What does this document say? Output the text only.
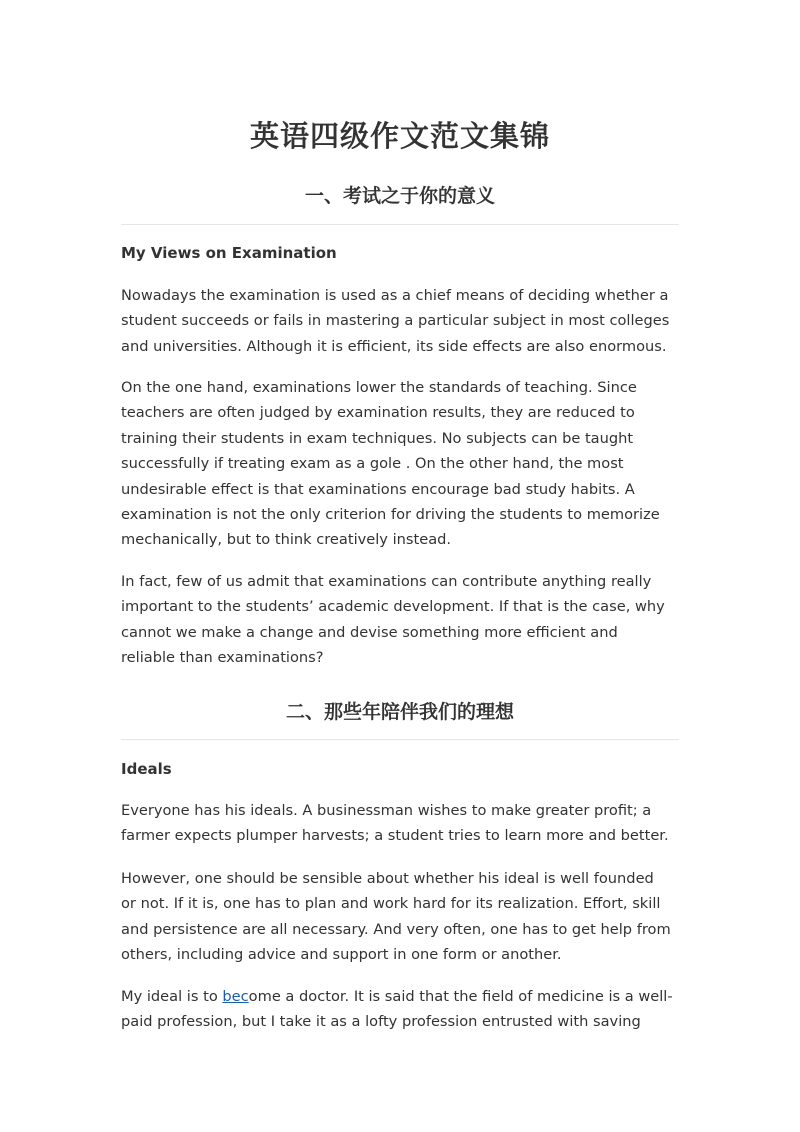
英语四级作文范文集锦
一、考试之于你的意义
My Views on Examination

Nowadays the examination is used as a chief means of deciding whether a student succeeds or fails in mastering a particular subject in most colleges and universities. Although it is efficient, its side effects are also enormous.

On the one hand, examinations lower the standards of teaching. Since teachers are often judged by examination results, they are reduced to training their students in exam techniques. No subjects can be taught successfully if treating exam as a gole . On the other hand, the most undesirable effect is that examinations encourage bad study habits. A examination is not the only criterion for driving the students to memorize mechanically, but to think creatively instead.

In fact, few of us admit that examinations can contribute anything really important to the students’ academic development. If that is the case, why cannot we make a change and devise something more efficient and reliable than examinations?

二、那些年陪伴我们的理想
Ideals

Everyone has his ideals. A businessman wishes to make greater profit; a farmer expects plumper harvests; a student tries to learn more and better.

However, one should be sensible about whether his ideal is well founded or not. If it is, one has to plan and work hard for its realization. Effort, skill and persistence are all necessary. And very often, one has to get help from others, including advice and support in one form or another.

My ideal is to become a doctor. It is said that the field of medicine is a well-paid profession, but I take it as a lofty profession entrusted with saving
